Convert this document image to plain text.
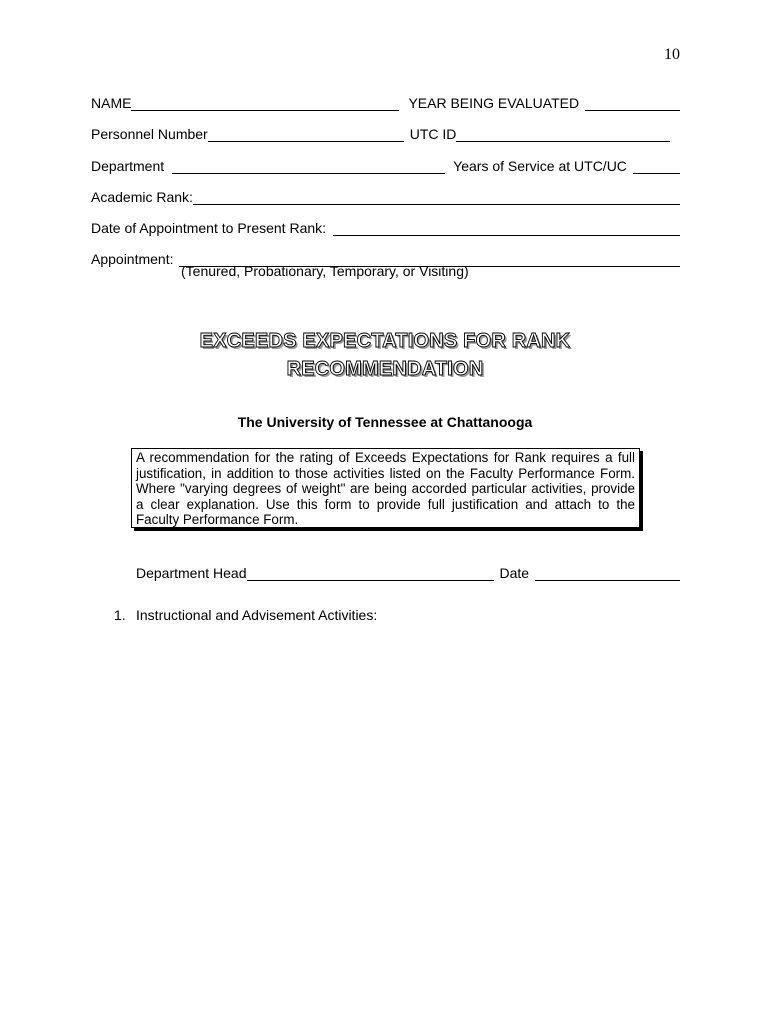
10
NAME	YEAR BEING EVALUATED
Personnel Number	UTC ID
Department	Years of Service at UTC/UC
Academic Rank:
Date of Appointment to Present Rank:
Appointment:
(Tenured, Probationary, Temporary, or Visiting)
EXCEEDS EXPECTATIONS FOR RANK
RECOMMENDATION
The University of Tennessee at Chattanooga
A recommendation for the rating of Exceeds Expectations for Rank requires a full justification, in addition to those activities listed on the Faculty Performance Form. Where "varying degrees of weight" are being accorded particular activities, provide a clear explanation. Use this form to provide full justification and attach to the Faculty Performance Form.
Department Head	Date
1. Instructional and Advisement Activities:
